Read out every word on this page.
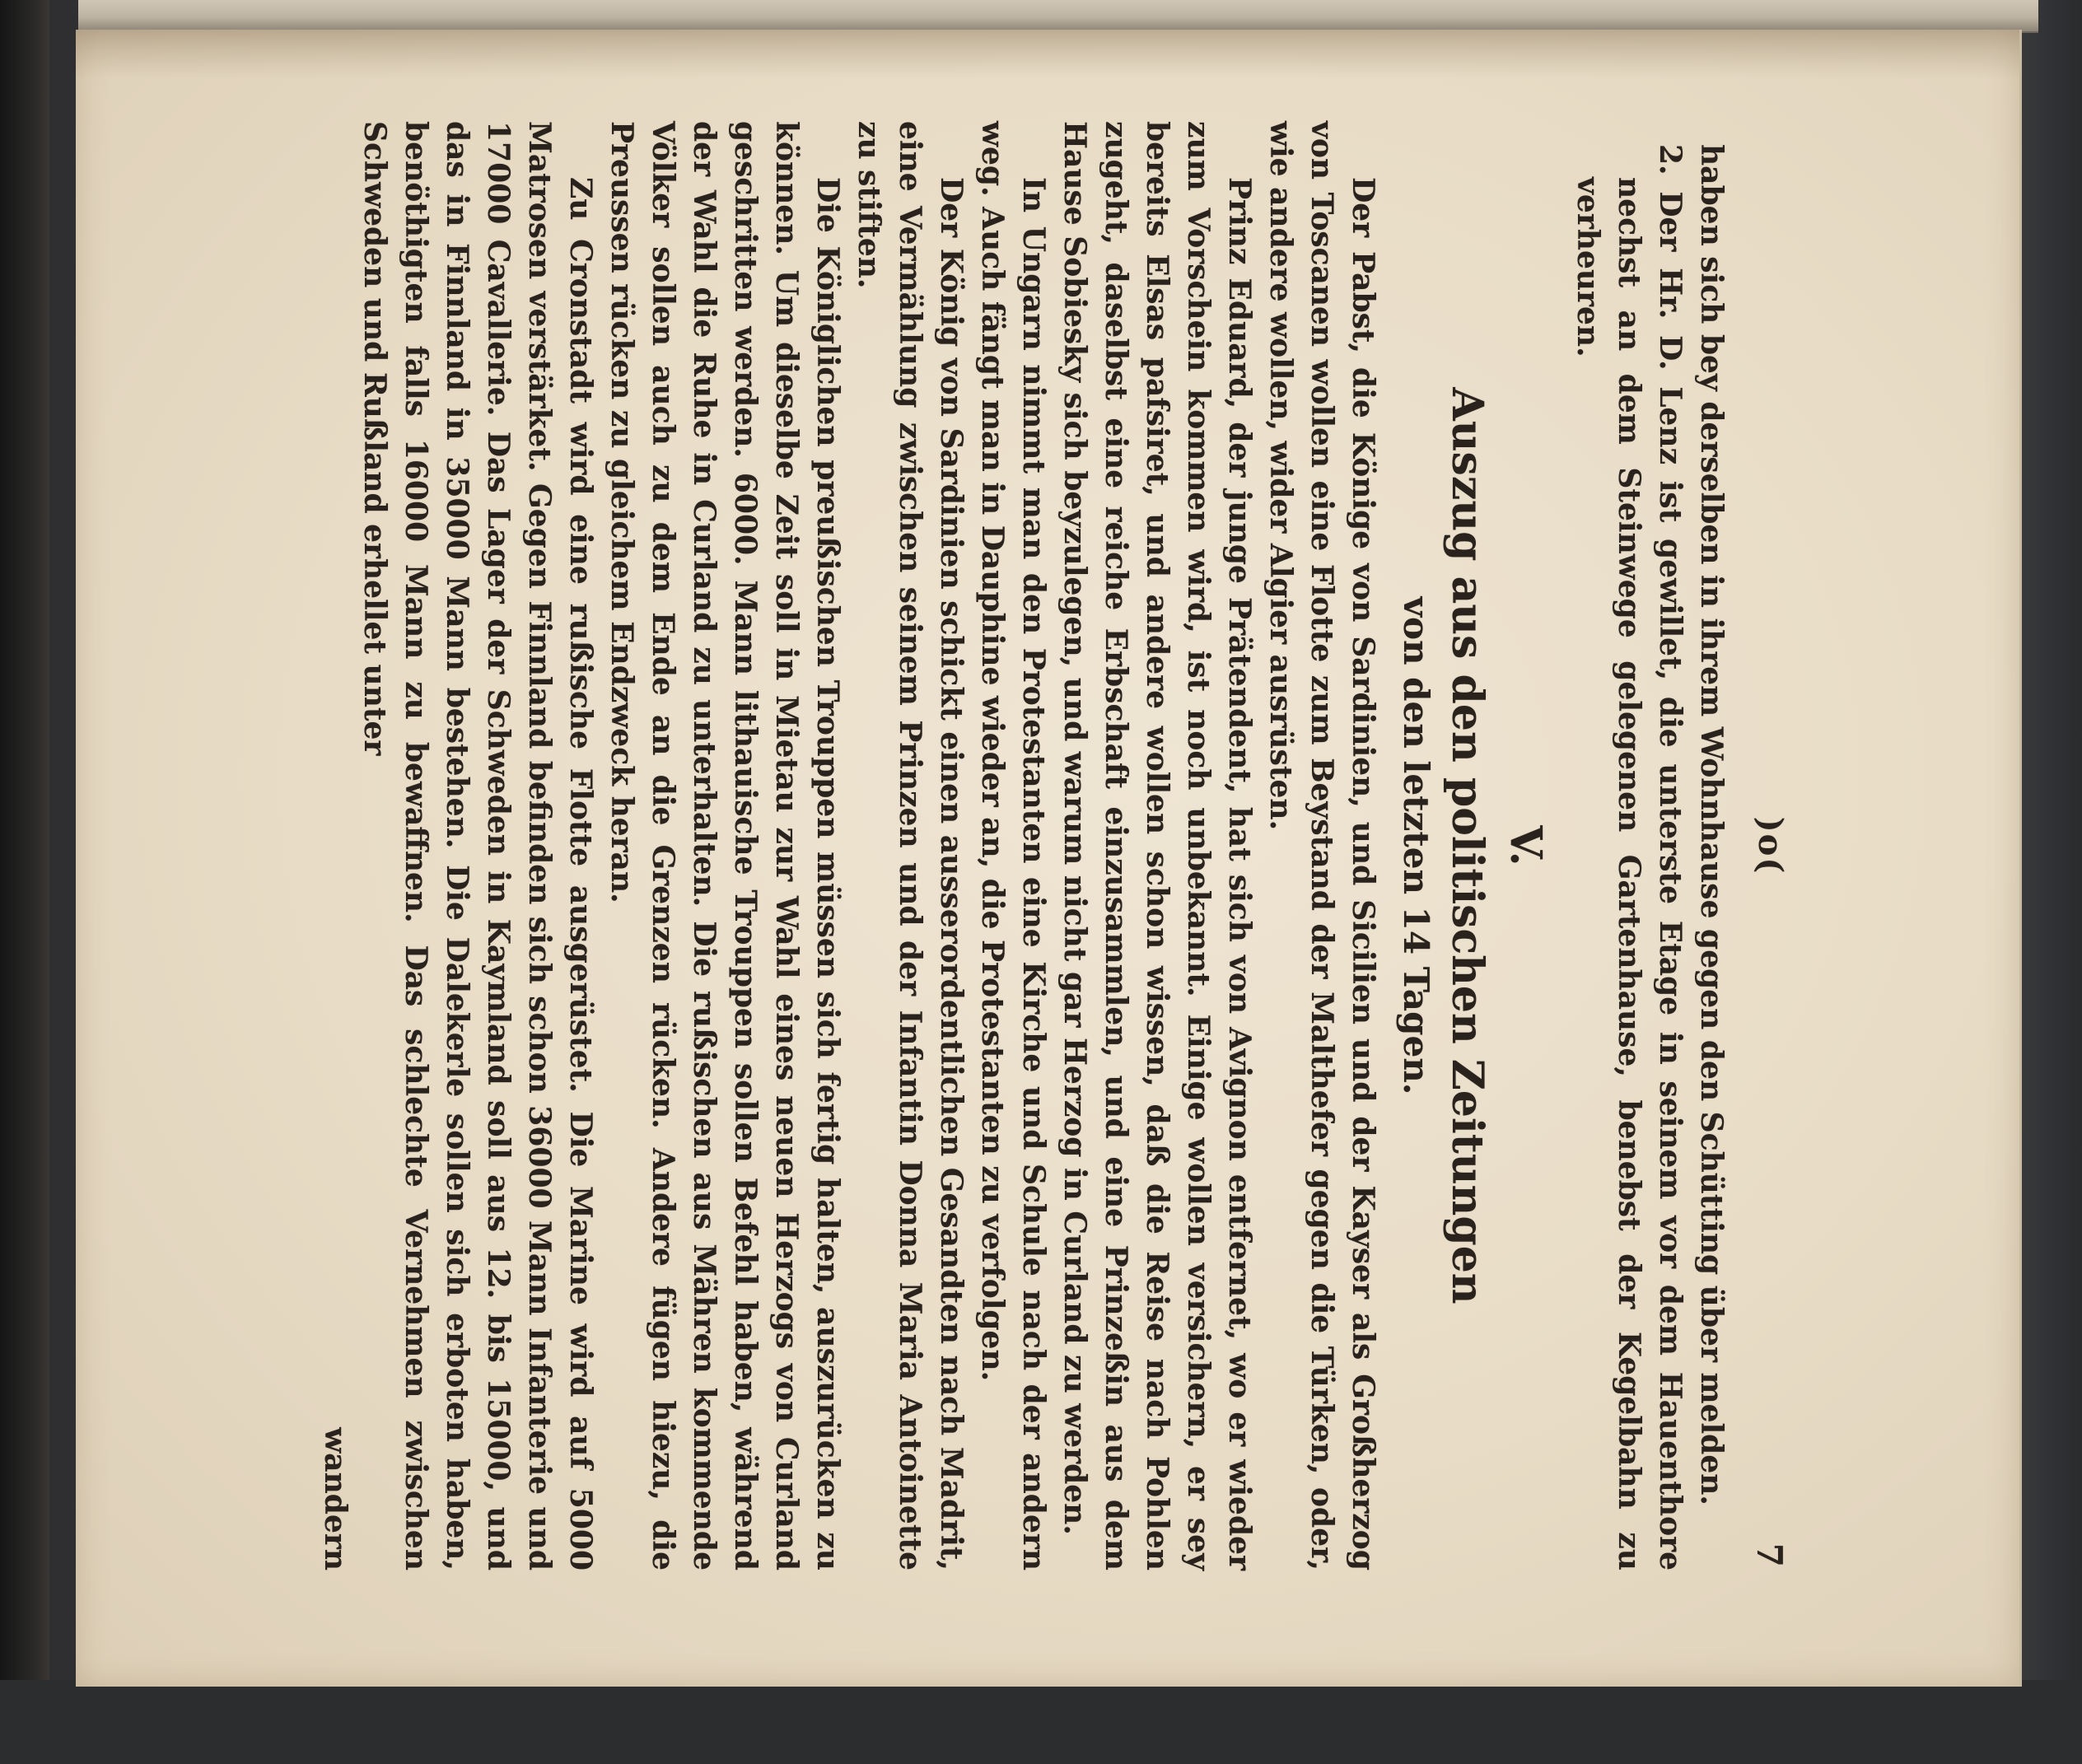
)o(
7

haben sich bey derselben in ihrem Wohnhause gegen den Schütting über melden.

2. Der Hr. D. Lenz ist gewillet, die unterste Etage in seinem vor dem Hauenthore nechst an dem Steinwege gelegenen Gartenhause, benebst der Kegelbahn zu verheuren.

V.
Auszug aus den politischen Zeitungen
von den letzten 14 Tagen.

Der Pabst, die Könige von Sardinien, und Sicilien und der Kayser als Großherzog von Toscanen wollen eine Flotte zum Beystand der Malthefer gegen die Türken, oder, wie andere wollen, wider Algier ausrüsten.

Prinz Eduard, der junge Prätendent, hat sich von Avignon entfernet, wo er wieder zum Vorschein kommen wird, ist noch unbekannt. Einige wollen versichern, er sey bereits Elsas pafsiret, und andere wollen schon wissen, daß die Reise nach Pohlen zugeht, daselbst eine reiche Erbschaft einzusammlen, und eine Prinzeßin aus dem Hause Sobiesky sich beyzulegen, und warum nicht gar Herzog in Curland zu werden.

In Ungarn nimmt man den Protestanten eine Kirche und Schule nach der andern weg. Auch fängt man in Dauphine wieder an, die Protestanten zu verfolgen.

Der König von Sardinien schickt einen ausserordentlichen Gesandten nach Madrit, eine Vermählung zwischen seinem Prinzen und der Infantin Donna Maria Antoinette zu stiften.

Die Königlichen preußischen Trouppen müssen sich fertig halten, auszurücken zu können. Um dieselbe Zeit soll in Mietau zur Wahl eines neuen Herzogs von Curland geschritten werden. 6000. Mann lithauische Trouppen sollen Befehl haben, während der Wahl die Ruhe in Curland zu unterhalten. Die rußischen aus Mähren kommende Völker sollen auch zu dem Ende an die Grenzen rücken. Andere fügen hiezu, die Preussen rücken zu gleichem Endzweck heran.

Zu Cronstadt wird eine rußische Flotte ausgerüstet. Die Marine wird auf 5000 Matrosen verstärket. Gegen Finnland befinden sich schon 36000 Mann Infanterie und 17000 Cavallerie. Das Lager der Schweden in Kaymland soll aus 12. bis 15000, und das in Finnland in 35000 Mann bestehen. Die Dalekerle sollen sich erboten haben, benöthigten falls 16000 Mann zu bewaffnen. Das schlechte Vernehmen zwischen Schweden und Rußland erhellet unter

wandern
